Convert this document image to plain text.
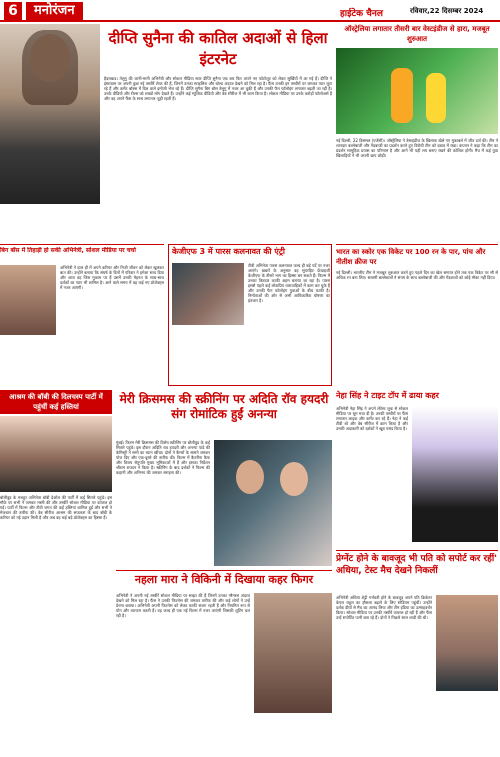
6	मनोरंजन	हाईटेक चैनल	रविवार,22 दिसम्बर 2024
दीप्ति सुनैना की कातिल अदाओं से हिला इंटरनेट
हैदराबाद। तेलुगु की जानी-मानी अभिनेत्री और सोशल मीडिया स्टार दीप्ति सुनैना एक बार फिर अपने नए फोटोशूट को लेकर सुर्खियों में आ गई हैं। दीप्ति ने इंस्टाग्राम पर अपनी कुछ नई तस्वीरें शेयर की हैं, जिनमें उनका स्टाइलिश और बोल्ड अंदाज देखने को मिल रहा है। फैंस उनकी इन तस्वीरों पर जमकर प्यार लुटा रहे हैं और कमेंट बॉक्स में दिल वाले इमोजी भेज रहे हैं। दीप्ति सुनैना बिग बॉस तेलुगु में नजर आ चुकी हैं और उनकी फैन फॉलोइंग लगातार बढ़ती जा रही है। उनके वीडियो और रील्स को लाखों लोग देखते हैं। उन्होंने कई म्यूजिक वीडियो और वेब सीरीज में भी काम किया है। सोशल मीडिया पर उनके करोड़ों फॉलोअर्स हैं और वह अपने फैंस के साथ लगातार जुड़ी रहती हैं।
ऑस्ट्रेलिया लगातार तीसरी बार वेस्टइंडीज से हारा, मजबूत शुरुआत
नई दिल्ली, 22 दिसम्बर (एजेंसी)। ऑस्ट्रेलिया ने वेस्टइंडीज के खिलाफ खेले गए मुकाबले में जीत दर्ज की। टीम ने शानदार बल्लेबाजी और गेंदबाजी का प्रदर्शन करते हुए विरोधी टीम को दबाव में रखा। कप्तान ने कहा कि टीम का प्रदर्शन सामूहिक प्रयास का परिणाम है और आगे भी यही लय बनाए रखने की कोशिश होगी। मैच में कई युवा खिलाड़ियों ने भी अपनी छाप छोड़ी।
भारत का स्कोर एक विकेट पर 100 रन के पार, पांच और नीतीश क्रीज पर
नई दिल्ली। भारतीय टीम ने मजबूत शुरुआत करते हुए पहले दिन का खेल समाप्त होने तक एक विकेट पर सौ से अधिक रन बना लिए। सलामी बल्लेबाजों ने संयम के साथ बल्लेबाजी की और गेंदबाजों को कोई मौका नहीं दिया।
बिग बॉस में तिहाड़ी हो सकी अभिनेत्री, सोशल मीडिया पर चर्चा
अभिनेत्री ने हाल ही में अपने करियर और निजी जीवन को लेकर खुलकर बात की। उन्होंने बताया कि संघर्ष के दिनों में परिवार ने हमेशा साथ दिया और आज वह जिस मुकाम पर हैं उसमें उनकी मेहनत के साथ-साथ दर्शकों का प्यार भी शामिल है। आने वाले समय में वह कई नए प्रोजेक्ट्स में नजर आएंगी।
केजीएफ 3 में पारस कलनावत की एंट्री
टीवी अभिनेता पारस कलनावत जल्द ही बड़े पर्दे पर नजर आएंगे। खबरों के अनुसार वह सुपरहिट फ्रेंचाइजी केजीएफ के तीसरे भाग का हिस्सा बन सकते हैं। फिल्म में उनका किरदार काफी अहम बताया जा रहा है। पारस इससे पहले कई लोकप्रिय धारावाहिकों में काम कर चुके हैं और उनकी फैन फॉलोइंग युवाओं के बीच काफी है। निर्माताओं की ओर से अभी आधिकारिक घोषणा का इंतजार है।
आश्रम की बॉबी की दिलचस्प पार्टी में पहुंचीं कई हस्तियां
बॉलीवुड के मशहूर अभिनेता बॉबी देओल की पार्टी में कई सितारे पहुंचे। इस मौके पर सभी ने जमकर मस्ती की और तस्वीरें सोशल मीडिया पर वायरल हो गईं। पार्टी में फिल्म और टीवी जगत की कई हस्तियां शामिल हुईं और सभी ने मेजबान की तारीफ की। वेब सीरीज आश्रम की सफलता के बाद बॉबी के करियर को नई उड़ान मिली है और अब वह कई बड़े प्रोजेक्ट्स का हिस्सा हैं।
मेरी क्रिसमस की स्क्रीनिंग पर अदिति रॉव हयदरी संग रोमांटिक हुईं अनन्या
मुंबई। फिल्म मेरी क्रिसमस की विशेष स्क्रीनिंग पर बॉलीवुड के कई सितारे पहुंचे। इस दौरान अदिति राव हयदरी और अनन्या पांडे की केमिस्ट्री ने सभी का ध्यान खींचा। दोनों ने कैमरों के सामने जमकर पोज दिए और एक-दूसरे की तारीफ की। फिल्म में कैटरीना कैफ और विजय सेतुपति मुख्य भूमिकाओं में हैं और इसका निर्देशन श्रीराम राघवन ने किया है। स्क्रीनिंग के बाद दर्शकों ने फिल्म की कहानी और अभिनय की जमकर सराहना की।
नहला मारा ने विकिनी में दिखाया कहर फिगर
अभिनेत्री ने अपनी नई तस्वीरें सोशल मीडिया पर साझा की हैं जिनमें उनका ग्लैमरस अंदाज देखने को मिल रहा है। फैंस ने उनकी फिटनेस की जमकर तारीफ की और कई लोगों ने उन्हें प्रेरणा बताया। अभिनेत्री अपनी फिटनेस को लेकर काफी सजग रहती हैं और नियमित रूप से योग और व्यायाम करती हैं। वह जल्द ही एक नई फिल्म में नजर आएंगी जिसकी शूटिंग चल रही है।
नेहा सिंह ने टाइट टॉप में ढाया कहर
अभिनेत्री नेहा सिंह ने अपने लेटेस्ट लुक से सोशल मीडिया पर धूम मचा दी है। उनकी तस्वीरों पर फैंस लगातार लाइक और कमेंट कर रहे हैं। नेहा ने कई टीवी शो और वेब सीरीज में काम किया है और उनकी अदाकारी को दर्शकों ने खूब पसंद किया है।
प्रेग्नेंट होने के बावजूद भी पति को सपोर्ट कर रहीं' अधिया, टेस्ट मैच देखने निकलीं
अभिनेत्री अथिया शेट्टी गर्भवती होने के बावजूद अपने पति क्रिकेटर केएल राहुल का हौसला बढ़ाने के लिए स्टेडियम पहुंचीं। उन्होंने दर्शक दीर्घा से मैच का आनंद लिया और टीम इंडिया का उत्साहवर्धन किया। सोशल मीडिया पर उनकी तस्वीरें वायरल हो रही हैं और फैंस उन्हें सपोर्टिव पत्नी बता रहे हैं। दोनों ने पिछले साल शादी की थी।
